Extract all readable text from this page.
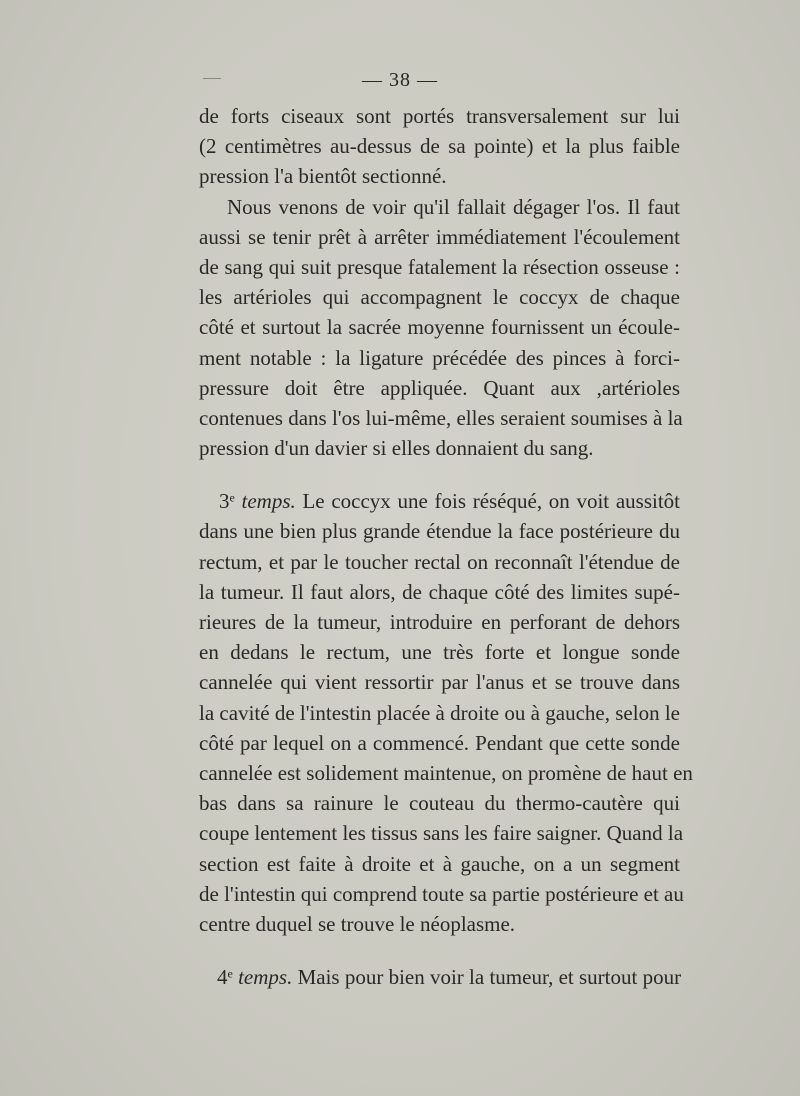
— 38 —
de forts ciseaux sont portés transversalement sur lui
(2 centimètres au-dessus de sa pointe) et la plus faible
pression l'a bientôt sectionné.
Nous venons de voir qu'il fallait dégager l'os. Il faut
aussi se tenir prêt à arrêter immédiatement l'écoulement
de sang qui suit presque fatalement la résection osseuse :
les artérioles qui accompagnent le coccyx de chaque
côté et surtout la sacrée moyenne fournissent un écoule-
ment notable : la ligature précédée des pinces à forci-
pressure doit être appliquée. Quant aux ,artérioles
contenues dans l'os lui-même, elles seraient soumises à la
pression d'un davier si elles donnaient du sang.
3e temps. Le coccyx une fois réséqué, on voit aussitôt
dans une bien plus grande étendue la face postérieure du
rectum, et par le toucher rectal on reconnaît l'étendue de
la tumeur. Il faut alors, de chaque côté des limites supé-
rieures de la tumeur, introduire en perforant de dehors
en dedans le rectum, une très forte et longue sonde
cannelée qui vient ressortir par l'anus et se trouve dans
la cavité de l'intestin placée à droite ou à gauche, selon le
côté par lequel on a commencé. Pendant que cette sonde
cannelée est solidement maintenue, on promène de haut en
bas dans sa rainure le couteau du thermo-cautère qui
coupe lentement les tissus sans les faire saigner. Quand la
section est faite à droite et à gauche, on a un segment
de l'intestin qui comprend toute sa partie postérieure et au
centre duquel se trouve le néoplasme.
4e temps. Mais pour bien voir la tumeur, et surtout pour
